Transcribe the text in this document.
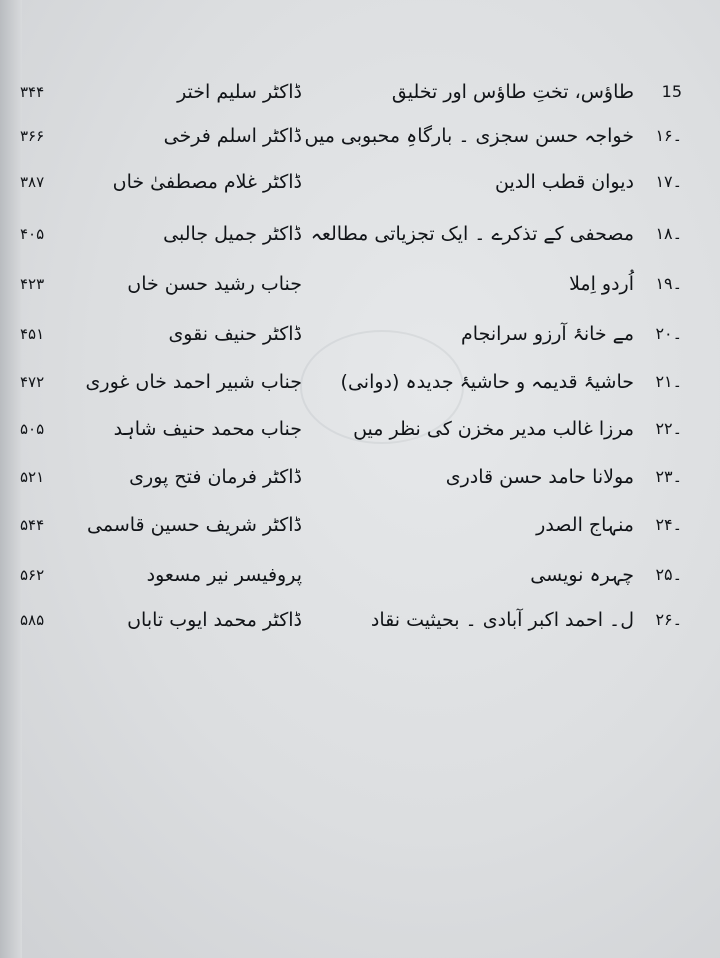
15
طاؤس، تختِ طاؤس اور تخلیق
ڈاکٹر سلیم اختر
۳۴۴
۱۶۔
خواجہ حسن سجزی ۔ بارگاہِ محبوبی میں
ڈاکٹر اسلم فرخی
۳۶۶
۱۷۔
دیوان قطب الدین
ڈاکٹر غلام مصطفیٰ خاں
۳۸۷
۱۸۔
مصحفی کے تذکرے ۔ ایک تجزیاتی مطالعہ
ڈاکٹر جمیل جالبی
۴۰۵
۱۹۔
اُردو اِملا
جناب رشید حسن خاں
۴۲۳
۲۰۔
مے خانۂ آرزو سرانجام
ڈاکٹر حنیف نقوی
۴۵۱
۲۱۔
حاشیۂ قدیمہ و حاشیۂ جدیدہ (دوانی)
جناب شبیر احمد خاں غوری
۴۷۲
۲۲۔
مرزا غالب مدیر مخزن کی نظر میں
جناب محمد حنیف شاہد
۵۰۵
۲۳۔
مولانا حامد حسن قادری
ڈاکٹر فرمان فتح پوری
۵۲۱
۲۴۔
منہاج الصدر
ڈاکٹر شریف حسین قاسمی
۵۴۴
۲۵۔
چہرہ نویسی
پروفیسر نیر مسعود
۵۶۲
۲۶۔
ل۔ احمد اکبر آبادی ۔ بحیثیت نقاد
ڈاکٹر محمد ایوب تاباں
۵۸۵
